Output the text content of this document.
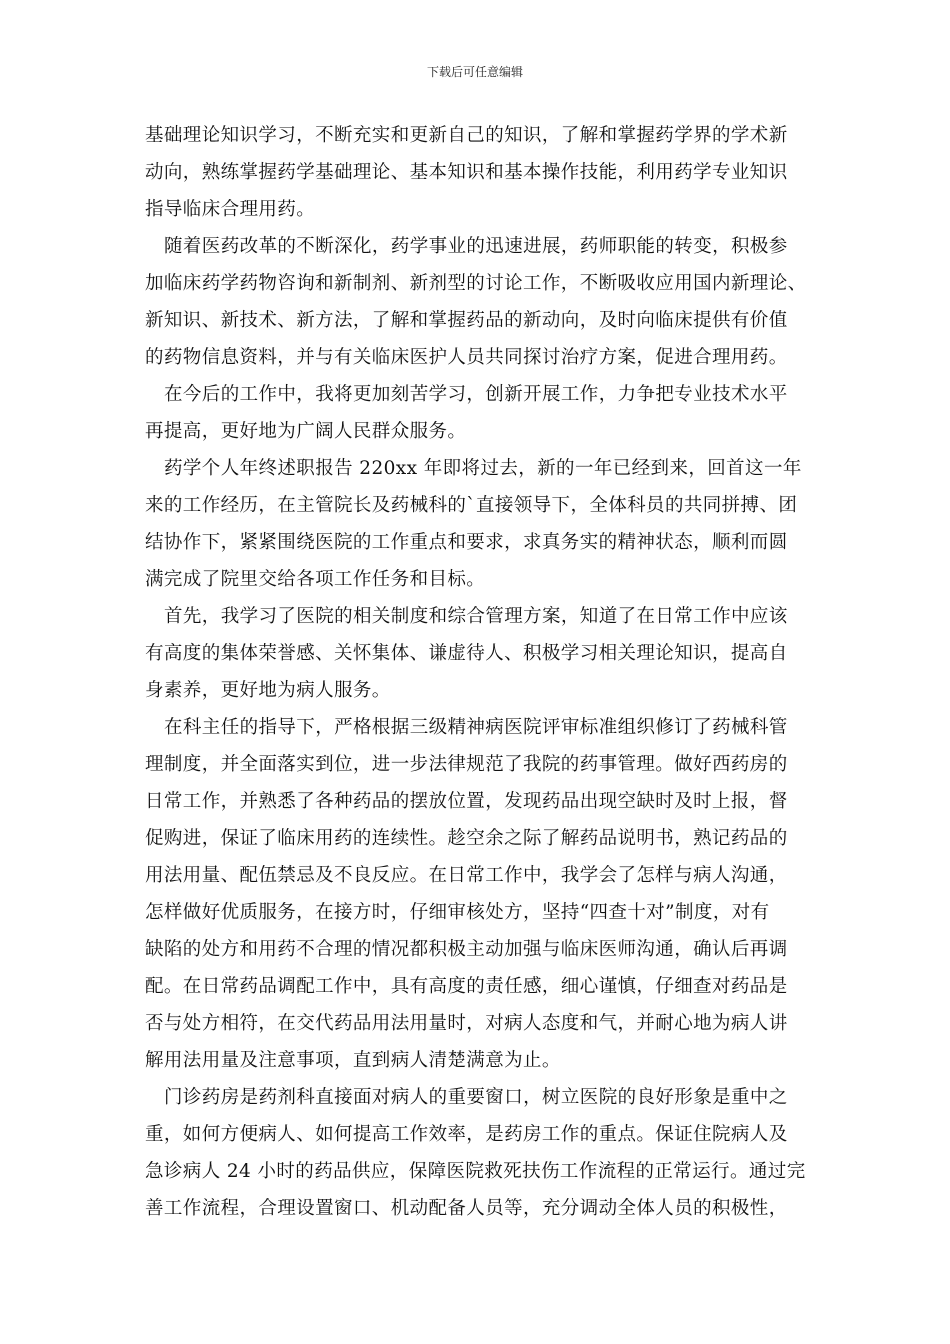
下载后可任意编辑

基础理论知识学习，不断充实和更新自己的知识，了解和掌握药学界的学术新
动向，熟练掌握药学基础理论、基本知识和基本操作技能，利用药学专业知识
指导临床合理用药。

随着医药改革的不断深化，药学事业的迅速进展，药师职能的转变，积极参
加临床药学药物咨询和新制剂、新剂型的讨论工作，不断吸收应用国内新理论、
新知识、新技术、新方法，了解和掌握药品的新动向，及时向临床提供有价值
的药物信息资料，并与有关临床医护人员共同探讨治疗方案，促进合理用药。

在今后的工作中，我将更加刻苦学习，创新开展工作，力争把专业技术水平
再提高，更好地为广阔人民群众服务。

药学个人年终述职报告 220xx 年即将过去，新的一年已经到来，回首这一年
来的工作经历，在主管院长及药械科的`直接领导下，全体科员的共同拼搏、团
结协作下，紧紧围绕医院的工作重点和要求，求真务实的精神状态，顺利而圆
满完成了院里交给各项工作任务和目标。

首先，我学习了医院的相关制度和综合管理方案，知道了在日常工作中应该
有高度的集体荣誉感、关怀集体、谦虚待人、积极学习相关理论知识，提高自
身素养，更好地为病人服务。

在科主任的指导下，严格根据三级精神病医院评审标准组织修订了药械科管
理制度，并全面落实到位，进一步法律规范了我院的药事管理。做好西药房的
日常工作，并熟悉了各种药品的摆放位置，发现药品出现空缺时及时上报，督
促购进，保证了临床用药的连续性。趁空余之际了解药品说明书，熟记药品的
用法用量、配伍禁忌及不良反应。在日常工作中，我学会了怎样与病人沟通，
怎样做好优质服务，在接方时，仔细审核处方，坚持“四查十对”制度，对有
缺陷的处方和用药不合理的情况都积极主动加强与临床医师沟通，确认后再调
配。在日常药品调配工作中，具有高度的责任感，细心谨慎，仔细查对药品是
否与处方相符，在交代药品用法用量时，对病人态度和气，并耐心地为病人讲
解用法用量及注意事项，直到病人清楚满意为止。

门诊药房是药剂科直接面对病人的重要窗口，树立医院的良好形象是重中之
重，如何方便病人、如何提高工作效率，是药房工作的重点。保证住院病人及
急诊病人 24 小时的药品供应，保障医院救死扶伤工作流程的正常运行。通过完
善工作流程，合理设置窗口、机动配备人员等，充分调动全体人员的积极性，
